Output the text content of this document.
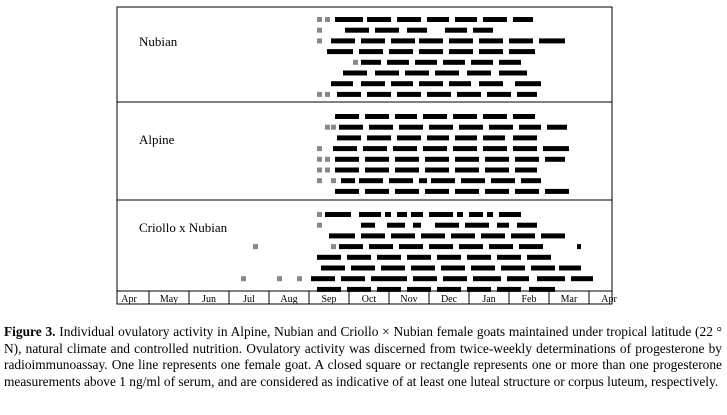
Nubian
Alpine
Criollo x Nubian
Apr May Jun	Jul	Aug Sep	Oct Nov Dec	Jan	Feb Mar Apr
Figure 3. Individual ovulatory activity in Alpine, Nubian and Criollo × Nubian female goats maintained under tropical latitude (22 ° N), natural climate and controlled nutrition. Ovulatory activity was discerned from twice-weekly determinations of progesterone by radioimmunoassay. One line represents one female goat. A closed square or rectangle represents one or more than one progesterone measurements above 1 ng/ml of serum, and are considered as indicative of at least one luteal structure or corpus luteum, respectively.
